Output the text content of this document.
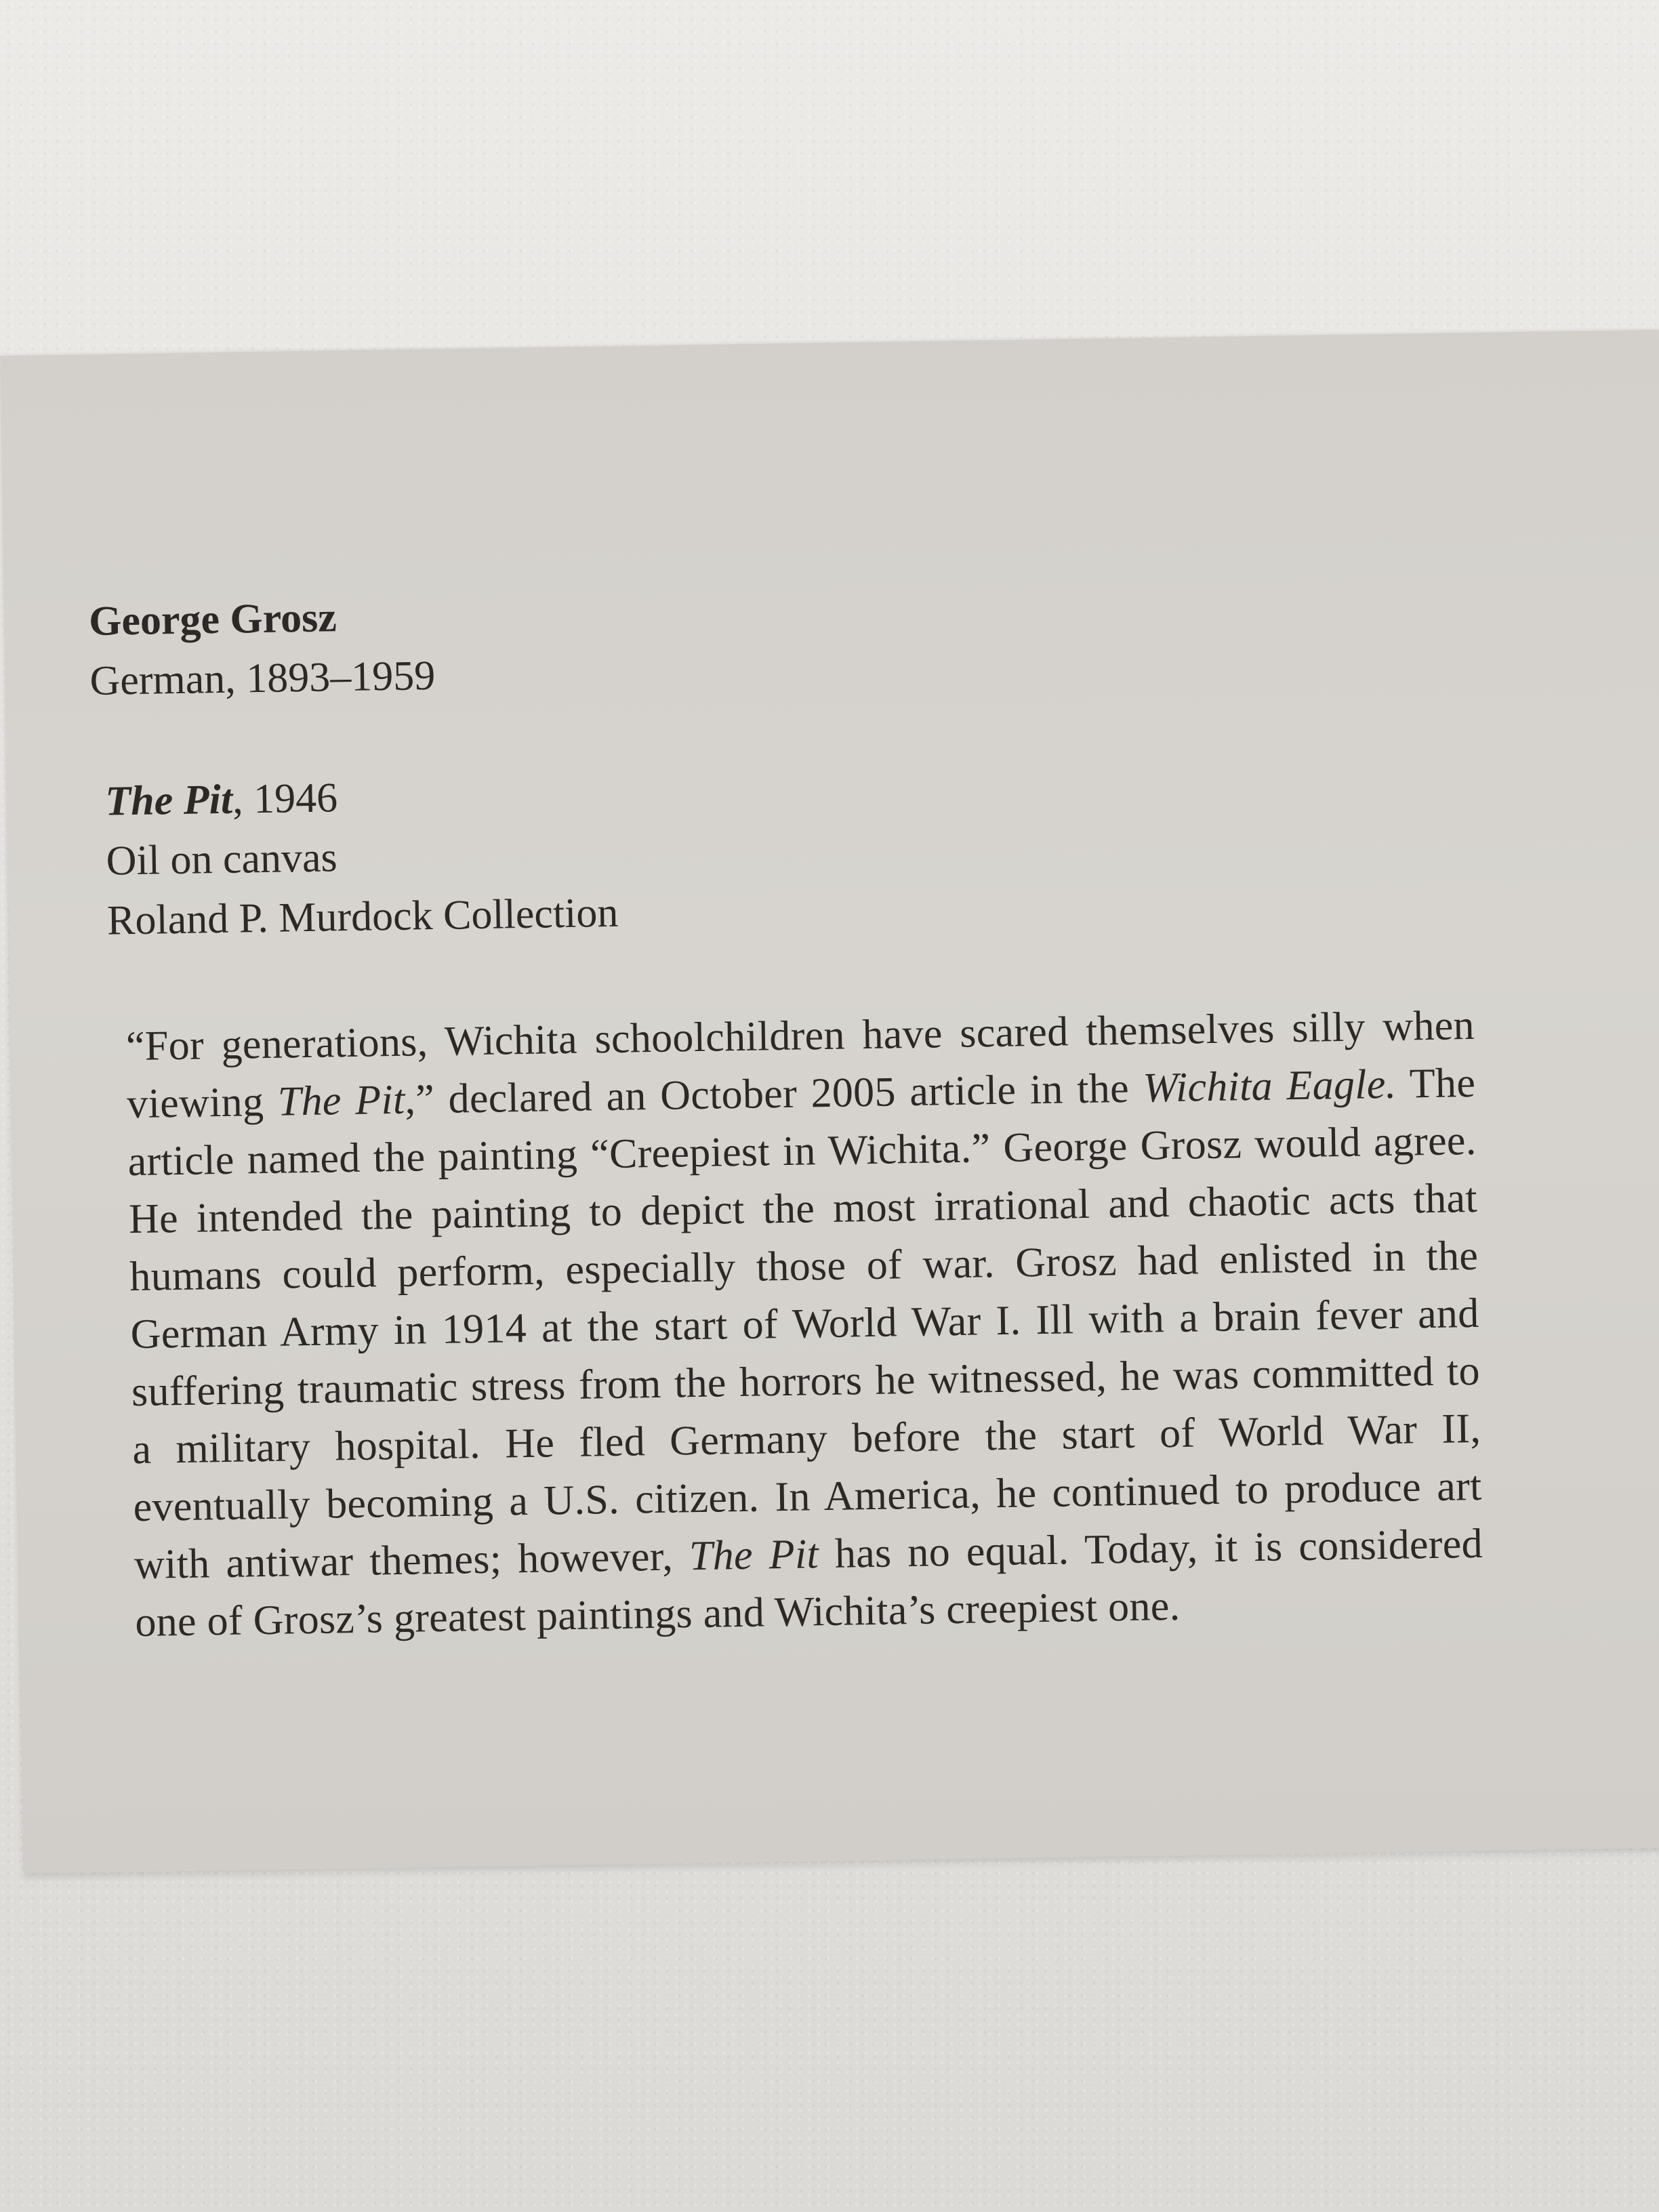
George Grosz

German, 1893–1959

The Pit, 1946

Oil on canvas

Roland P. Murdock Collection

“For generations, Wichita schoolchildren have scared themselves silly when viewing The Pit,” declared an October 2005 article in the Wichita Eagle. The article named the painting “Creepiest in Wichita.” George Grosz would agree. He intended the painting to depict the most irrational and chaotic acts that humans could perform, especially those of war. Grosz had enlisted in the German Army in 1914 at the start of World War I. Ill with a brain fever and suffering traumatic stress from the horrors he witnessed, he was committed to a military hospital. He fled Germany before the start of World War II, eventually becoming a U.S. citizen. In America, he continued to produce art with antiwar themes; however, The Pit has no equal. Today, it is considered one of Grosz’s greatest paintings and Wichita’s creepiest one.
